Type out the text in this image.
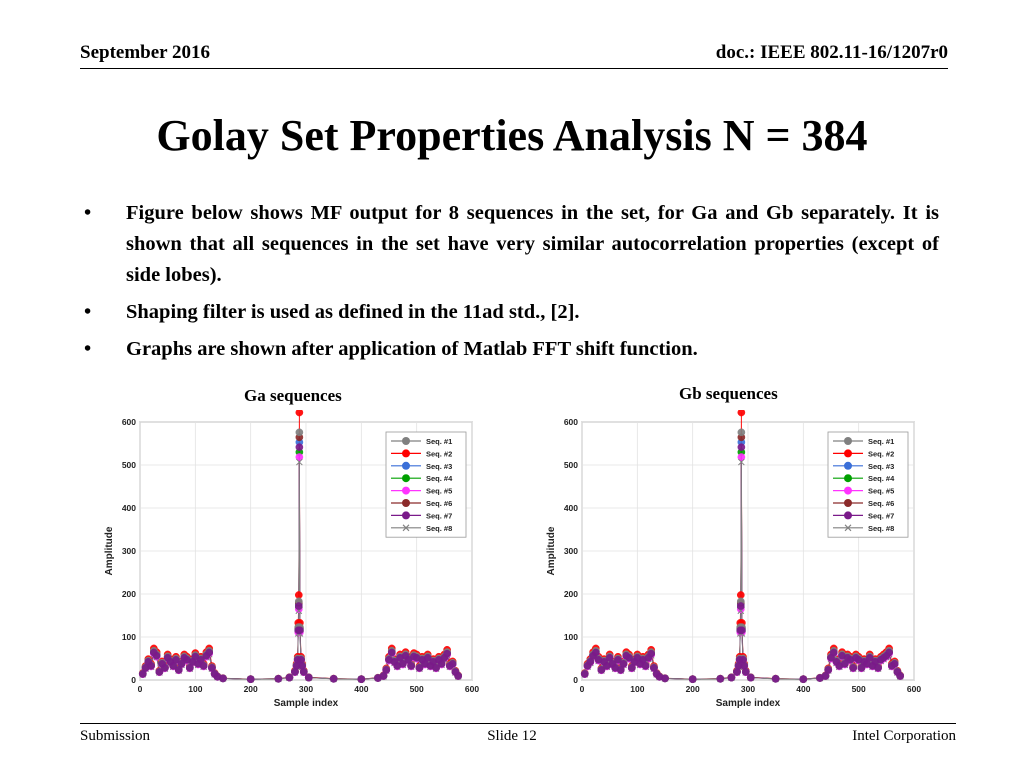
September 2016	doc.: IEEE 802.11-16/1207r0
Golay Set Properties Analysis N = 384
• Figure below shows MF output for 8 sequences in the set, for Ga and Gb separately. It is shown that all sequences in the set have very similar autocorrelation properties (except of side lobes).
• Shaping filter is used as defined in the 11ad std., [2].
• Graphs are shown after application of Matlab FFT shift function.
Ga sequences	Gb sequences
0	100	200	300	400	500	600
0
100
200
300
400
500
600
Sample index
Amplitude
Seq. #1
Seq. #2
Seq. #3
Seq. #4
Seq. #5
Seq. #6
Seq. #7
Seq. #8
0	100	200	300	400	500	600
0
100
200
300
400
500
600
Sample index
Amplitude
Seq. #1
Seq. #2
Seq. #3
Seq. #4
Seq. #5
Seq. #6
Seq. #7
Seq. #8
Submission	Slide 12	Intel Corporation
